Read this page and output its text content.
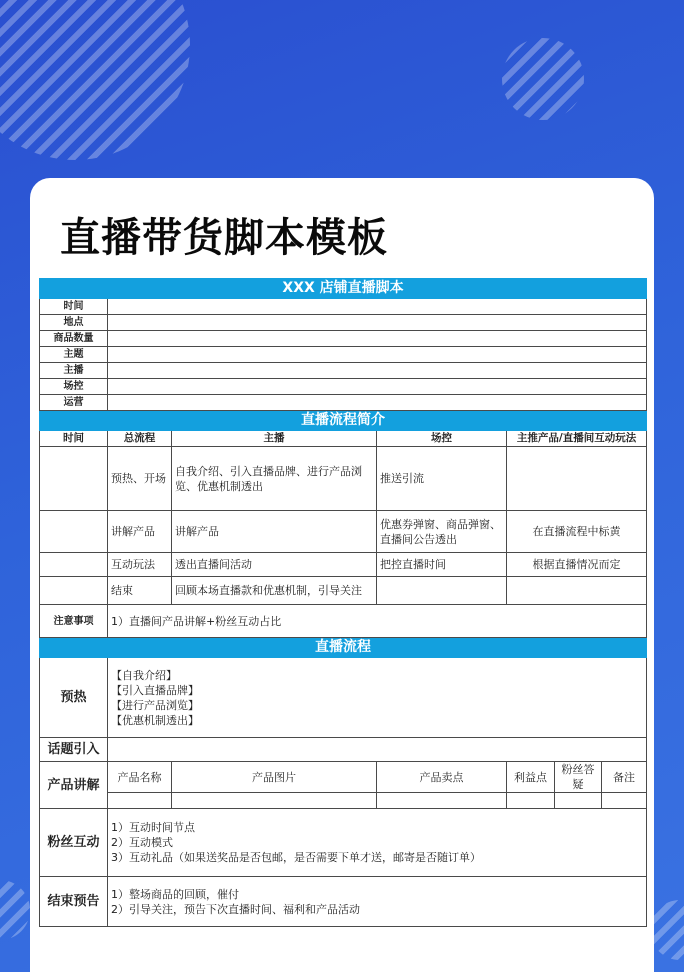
直播带货脚本模板
XXX 店铺直播脚本						
时间						
地点						
商品数量						
主题						
主播						
场控						
运营						
直播流程简介						
时间	总流程	主播	场控	主推产品/直播间互动玩法		
	预热、开场	自我介绍、引入直播品牌、进行产品浏览、优惠机制透出	推送引流			
	讲解产品	讲解产品	优惠券弹窗、商品弹窗、直播间公告透出	在直播流程中标黄		
	互动玩法	透出直播间活动	把控直播时间	根据直播情况而定		
	结束	回顾本场直播款和优惠机制，引导关注				
注意事项	1）直播间产品讲解+粉丝互动占比					
直播流程						
预热	【自我介绍】
【引入直播品牌】
【进行产品浏览】
【优惠机制透出】					

话题引入						
产品讲解	产品名称	产品图片	产品卖点	利益点	粉丝答疑	备注

粉丝互动	1）互动时间节点
2）互动模式
3）互动礼品（如果送奖品是否包邮，是否需要下单才送，邮寄是否随订单）					

结束预告	1）整场商品的回顾，催付
2）引导关注，预告下次直播时间、福利和产品活动					
